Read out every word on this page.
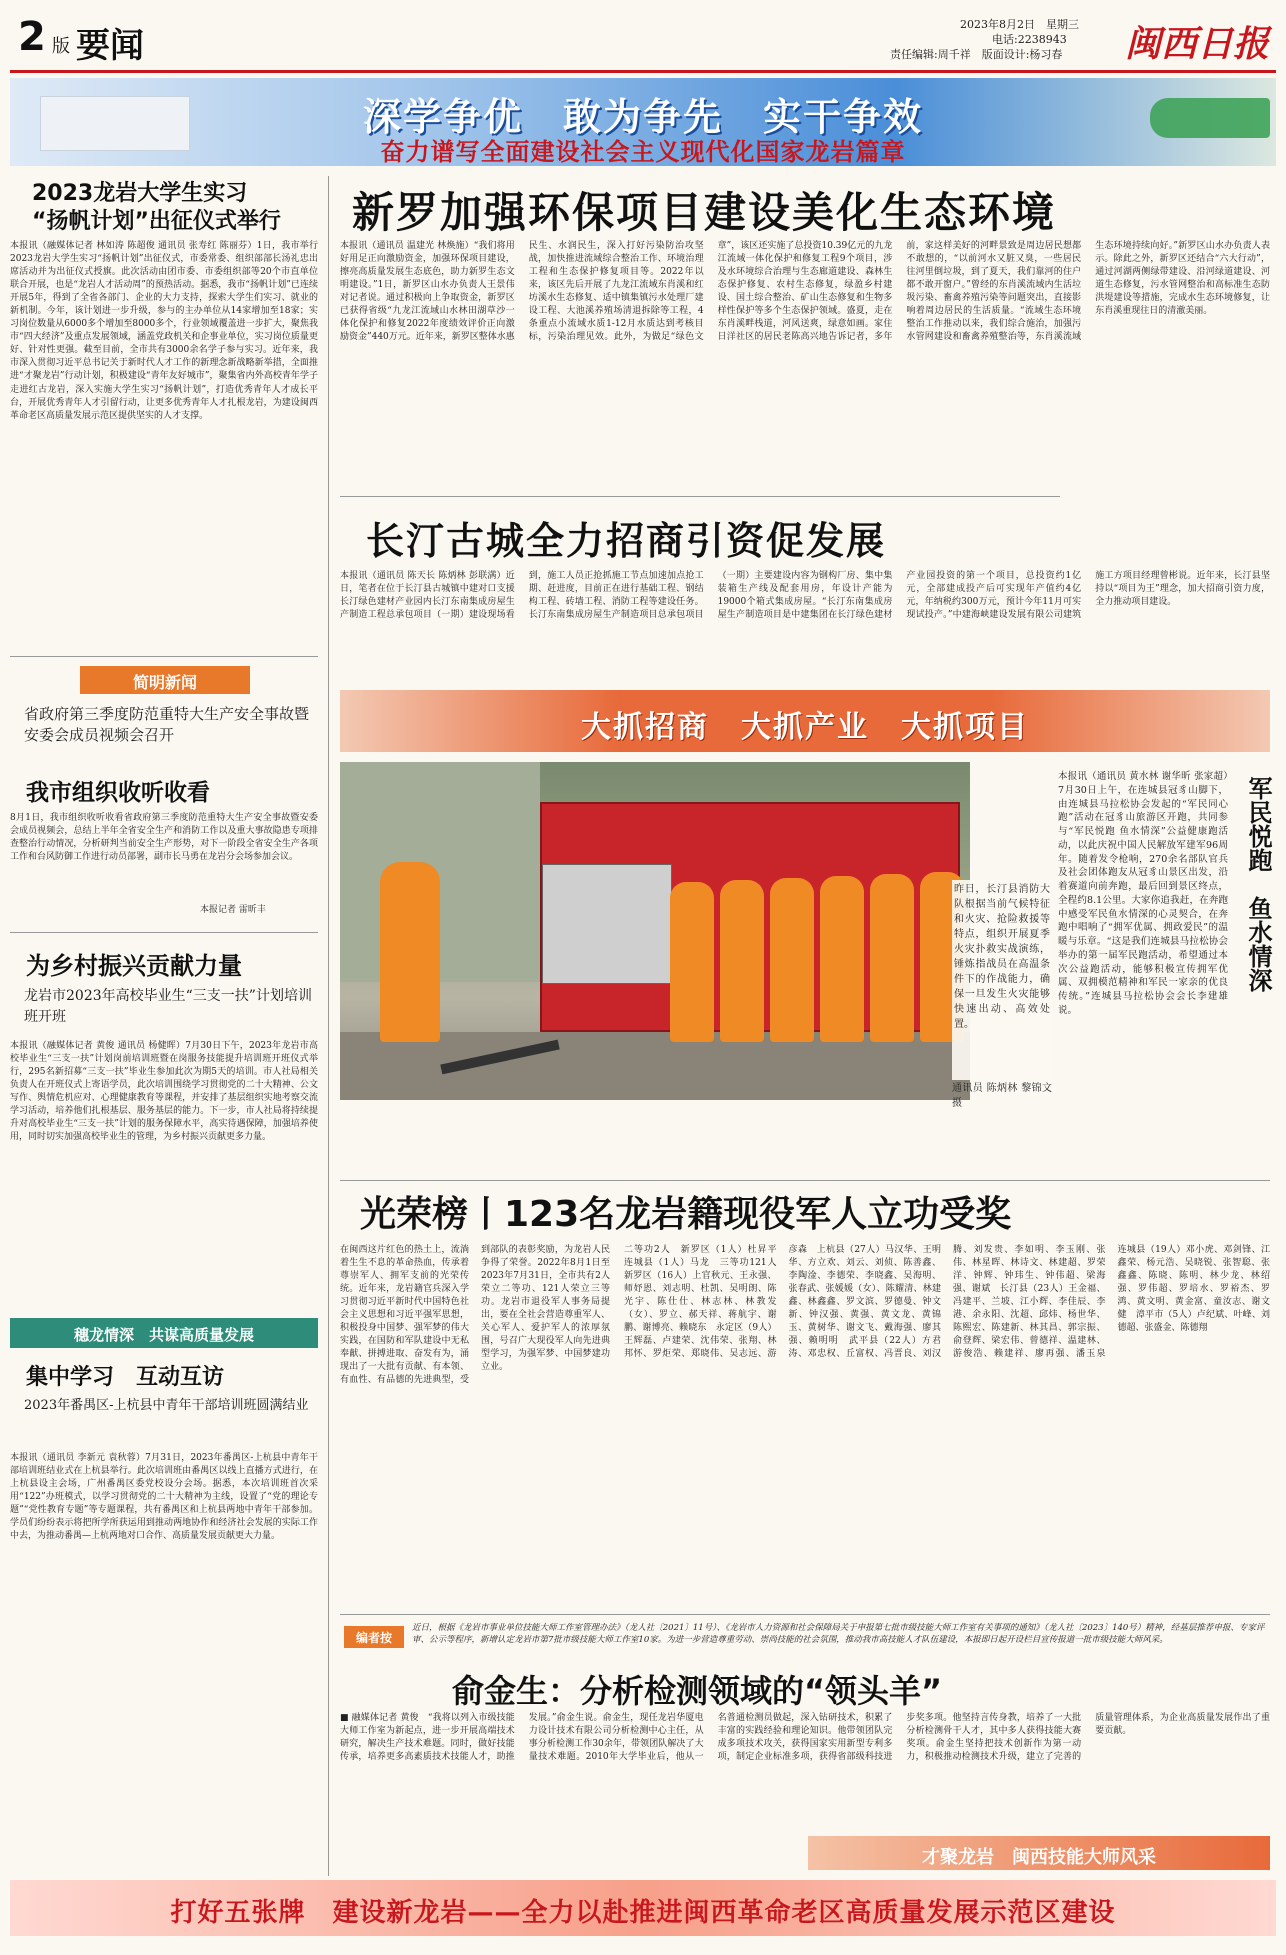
2 版 要闻
2023年8月2日　星期三
电话:2238943
责任编辑:周千祥　版面设计:杨习春 闽西日报
深学争优　敢为争先　实干争效
奋力谱写全面建设社会主义现代化国家龙岩篇章
2023龙岩大学生实习
“扬帆计划”出征仪式举行
本报讯（融媒体记者 林如涛 陈超俊 通讯员 张寿红 陈丽芬）1日，我市举行2023龙岩大学生实习“扬帆计划”出征仪式，市委常委、组织部部长汤礼忠出席活动并为出征仪式授旗。此次活动由团市委、市委组织部等20个市直单位联合开展，也是“龙岩人才活动周”的预热活动。据悉，我市“扬帆计划”已连续开展5年，得到了全省各部门、企业的大力支持，探索大学生们实习、就业的新机制。今年，该计划进一步升级，参与的主办单位从14家增加至18家；实习岗位数量从6000多个增加至8000多个，行业领域覆盖进一步扩大，聚焦我市“四大经济”及重点发展领域，涵盖党政机关和企事业单位，实习岗位质量更好、针对性更强。截至目前，全市共有3000余名学子参与实习。近年来，我市深入贯彻习近平总书记关于新时代人才工作的新理念新战略新举措，全面推进“才聚龙岩”行动计划，积极建设“青年友好城市”，聚集省内外高校青年学子走进红古龙岩，深入实施大学生实习“扬帆计划”，打造优秀青年人才成长平台，开展优秀青年人才引留行动，让更多优秀青年人才扎根龙岩，为建设闽西革命老区高质量发展示范区提供坚实的人才支撑。
简明新闻
省政府第三季度防范重特大生产安全事故暨安委会成员视频会召开
我市组织收听收看
8月1日，我市组织收听收看省政府第三季度防范重特大生产安全事故暨安委会成员视频会，总结上半年全省安全生产和消防工作以及重大事故隐患专项排查整治行动情况，分析研判当前安全生产形势，对下一阶段全省安全生产各项工作和台风防御工作进行动员部署，副市长马勇在龙岩分会场参加会议。
本报记者 雷昕丰
为乡村振兴贡献力量
龙岩市2023年高校毕业生“三支一扶”计划培训班开班
本报讯（融媒体记者 黄俊 通讯员 杨健晖）7月30日下午，2023年龙岩市高校毕业生“三支一扶”计划岗前培训班暨在岗服务技能提升培训班开班仪式举行，295名新招募“三支一扶”毕业生参加此次为期5天的培训。市人社局相关负责人在开班仪式上寄语学员，此次培训围绕学习贯彻党的二十大精神、公文写作、舆情危机应对、心理健康教育等课程，并安排了基层组织实地考察交流学习活动，培养他们扎根基层、服务基层的能力。下一步，市人社局将持续提升对高校毕业生“三支一扶”计划的服务保障水平，高实待遇保障，加强培养使用，同时切实加强高校毕业生的管理，为乡村振兴贡献更多力量。
穗龙情深　共谋高质量发展
集中学习　互动互访
2023年番禺区-上杭县中青年干部培训班圆满结业
本报讯（通讯员 李新元 袁秋蓉）7月31日，2023年番禺区-上杭县中青年干部培训班结业式在上杭县举行。此次培训班由番禺区以线上直播方式进行，在上杭县设主会场，广州番禺区委党校设分会场。据悉，本次培训班首次采用“122”办班模式，以学习贯彻党的二十大精神为主线，设置了“党的理论专题”“党性教育专题”等专题课程，共有番禺区和上杭县两地中青年干部参加。学员们纷纷表示将把所学所获运用到推动两地协作和经济社会发展的实际工作中去，为推动番禺—上杭两地对口合作、高质量发展贡献更大力量。
新罗加强环保项目建设美化生态环境
本报讯（通讯员 温建光 林焕施）“我们将用好用足正向激励资金，加强环保项目建设，擦亮高质量发展生态底色，助力新罗生态文明建设。”1日，新罗区山水办负责人王景伟对记者说。通过积极向上争取资金，新罗区已获得省级“九龙江流域山水林田湖草沙一体化保护和修复2022年度绩效评价正向激励资金”440万元。近年来，新罗区整体水惠民生、水润民生，深入打好污染防治攻坚战，加快推进流域综合整治工作、环境治理工程和生态保护修复项目等。2022年以来，该区先后开展了九龙江流域东肖溪和红坊溪水生态修复、适中镇集镇污水处理厂建设工程、大池溪养殖场清退拆除等工程，4条重点小流域水质1-12月水质达到考核目标，污染治理见效。此外，为做足“绿色文章”，该区还实施了总投资10.39亿元的九龙江流域一体化保护和修复工程9个项目，涉及水环境综合治理与生态廊道建设、森林生态保护修复、农村生态修复，绿盈乡村建设、国土综合整治、矿山生态修复和生物多样性保护等多个生态保护领域。盛夏，走在东肖溪畔栈道，河风送爽，绿意如画。家住日洋社区的居民老陈高兴地告诉记者，多年前，家这样美好的河畔景致是周边居民想都不敢想的，“以前河水又脏又臭，一些居民往河里倒垃圾，到了夏天，我们靠河的住户都不敢开窗户。”曾经的东肖溪流域内生活垃圾污染、畜禽养殖污染等问题突出，直接影响着周边居民的生活质量。“流域生态环境整治工作推动以来，我们综合施治，加强污水管网建设和畜禽养殖整治等，东肖溪流域生态环境持续向好。”新罗区山水办负责人表示。除此之外，新罗区还结合“六大行动”，通过河湖两侧绿带建设、沿河绿道建设、河道生态修复，污水管网整治和高标准生态防洪堤建设等措施，完成水生态环境修复，让东肖溪重现往日的清澈美丽。
长汀古城全力招商引资促发展
本报讯（通讯员 陈天长 陈炳林 彭联满）近日，笔者在位于长汀县古城镇中建对口支援长汀绿色建材产业园内长汀东南集成房屋生产制造工程总承包项目（一期）建设现场看到，施工人员正抢抓施工节点加速加点抢工期、赶进度，目前正在进行基础工程、钢结构工程、砖墙工程、消防工程等建设任务。长汀东南集成房屋生产制造项目总承包项目（一期）主要建设内容为钢构厂房、集中集装箱生产线及配套用房，年设计产能为19000个箱式集成房屋。“长汀东南集成房屋生产制造项目是中建集团在长汀绿色建材产业园投资的第一个项目，总投资约1亿元，全部建成投产后可实现年产值约4亿元，年纳税约300万元，预计今年11月可实现试投产。”中建海峡建设发展有限公司建筑施工方项目经理曾彬说。近年来，长汀县坚持以“项目为王”理念，加大招商引资力度，全力推动项目建设。
大抓招商　大抓产业　大抓项目
昨日，长汀县消防大队根据当前气候特征和火灾、抢险救援等特点，组织开展夏季火灾扑救实战演练，锤炼指战员在高温条件下的作战能力，确保一旦发生火灾能够快速出动、高效处置。
通讯员 陈炳林 黎锦文 摄
本报讯（通讯员 黄水林 谢华昕 张家超）7月30日上午，在连城县冠豸山脚下，由连城县马拉松协会发起的“军民同心跑”活动在冠豸山旅游区开跑，共同参与“军民悦跑 鱼水情深”公益健康跑活动，以此庆祝中国人民解放军建军96周年。随着发令枪响，270余名部队官兵及社会团体跑友从冠豸山景区出发，沿着赛道向前奔跑，最后回到景区终点，全程约8.1公里。大家你追我赶，在奔跑中感受军民鱼水情深的心灵契合，在奔跑中唱响了“拥军优属、拥政爱民”的温暖与乐章。“这是我们连城县马拉松协会举办的第一届军民跑活动，希望通过本次公益跑活动，能够积极宣传拥军优属、双拥模范精神和军民一家亲的优良传统。”连城县马拉松协会会长李建雄说。
军民悦跑　鱼水情深
光荣榜丨123名龙岩籍现役军人立功受奖
在闽西这片红色的热土上，流淌着生生不息的革命热血，传承着尊崇军人、拥军支前的光荣传统。近年来，龙岩籍官兵深入学习贯彻习近平新时代中国特色社会主义思想和习近平强军思想，积极投身中国梦、强军梦的伟大实践，在国防和军队建设中无私奉献、拼搏进取、奋发有为，涌现出了一大批有贡献、有本领、有血性、有品德的先进典型，受到部队的表彰奖励，为龙岩人民争得了荣誉。2022年8月1日至2023年7月31日，全市共有2人荣立二等功、121人荣立三等功。龙岩市退役军人事务局提出，要在全社会营造尊重军人、关心军人、爱护军人的浓厚氛围，号召广大现役军人向先进典型学习，为强军梦、中国梦建功立业。
二等功2人　新罗区（1人）杜昇平　连城县（1人）马龙　三等功121人　新罗区（16人）上官秋元、王永强、师妤恩、刘志明、杜凯、吴明朗、陈光宇、陈仕仕、林志林、林教发（女）、罗立、郝天祥、蒋航宇、谢鹏、谢博亮、赖晓东　永定区（9人）王辉磊、卢建荣、沈伟荣、张翔、林邦怀、罗炬荣、郑晓伟、吴志远、游彦森　上杭县（27人）马汉华、王明华、方立欢、刘云、刘侦、陈善鑫、李陶淦、李德荣、李晓鑫、吴海明、张春武、张媛媛（女）、陈耀清、林建鑫、林鑫鑫、罗文滨、罗德曼、钟文新、钟汉强、黄强、黄文龙、黄锦玉、黄树华、谢文飞、戴海强、廖其强、赖明明　武平县（22人）方君涛、邓忠权、丘富权、冯晋良、刘汉腾、刘发贵、李如明、李玉刚、张伟、林星晖、林诗文、林建超、罗荣洋、钟辉、钟玮生、钟伟超、梁海强、谢斌　长汀县（23人）王金福、冯建平、兰坡、江小辉、李佳辰、李港、余永阳、沈超、邱炜、杨世华、陈熙宏、陈建新、林其昌、郭宗振、俞登辉、梁宏伟、曾德祥、温建林、游俊浩、赖建祥、廖再强、潘玉泉　连城县（19人）邓小虎、邓剑锋、江鑫荣、杨元浩、吴晓锐、张智聪、张鑫鑫、陈晓、陈明、林少龙、林绍强、罗伟超、罗培水、罗裕杰、罗鸿、黄文明、黄金富、童汝志、谢文健　漳平市（5人）卢纪斌、叶峰、刘德超、张盛金、陈德翔
编者按
近日，根据《龙岩市事业单位技能大师工作室管理办法》（龙人社〔2021〕11号）、《龙岩市人力资源和社会保障局关于申报第七批市级技能大师工作室有关事项的通知》（龙人社〔2023〕140号）精神，经基层推荐申报、专家评审、公示等程序，新增认定龙岩市第7批市级技能大师工作室10家。为进一步营造尊重劳动、崇尚技能的社会氛围，推动我市高技能人才队伍建设，本报即日起开设栏目宣传报道一批市级技能大师风采。
俞金生：分析检测领域的“领头羊”
■ 融媒体记者 黄俊　“我将以列入市级技能大师工作室为新起点，进一步开展高端技术研究，解决生产技术难题。同时，做好技能传承，培养更多高素质技术技能人才，助推发展。”俞金生说。俞金生，现任龙岩华厦电力设计技术有限公司分析检测中心主任，从事分析检测工作30余年，带领团队解决了大量技术难题。2010年大学毕业后，他从一名普通检测员做起，深入钻研技术，积累了丰富的实践经验和理论知识。他带领团队完成多项技术攻关，获得国家实用新型专利多项，制定企业标准多项，获得省部级科技进步奖多项。他坚持言传身教，培养了一大批分析检测骨干人才，其中多人获得技能大赛奖项。俞金生坚持把技术创新作为第一动力，积极推动检测技术升级，建立了完善的质量管理体系，为企业高质量发展作出了重要贡献。
才聚龙岩　闽西技能大师风采
打好五张牌　建设新龙岩——全力以赴推进闽西革命老区高质量发展示范区建设
